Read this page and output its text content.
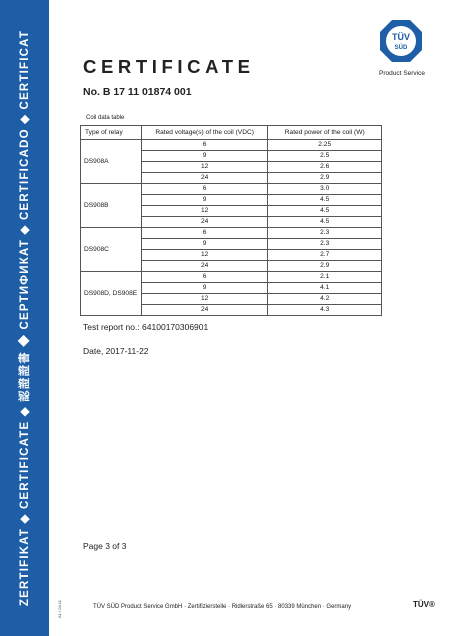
ZERTIFIKAT ◆ CERTIFICATE ◆ 認證證書 ◆ СЕРТИФИКАТ ◆ CERTIFICADO ◆ CERTIFICAT
A1 / 04.11
CERTIFICATE
No. B 17 11 01874 001
TÜV
SÜD
Product Service
Coil data table
Type of relay	Rated voltage(s) of the coil (VDC)	Rated power of the coil (W)
DS908A	6	2.25
	9	2.5
	12	2.6
	24	2.9
DS908B	6	3.0
	9	4.5
	12	4.5
	24	4.5
DS908C	6	2.3
	9	2.3
	12	2.7
	24	2.9
DS908D, DS908E	6	2.1
	9	4.1
	12	4.2
	24	4.3
Test report no.: 64100170306901
Date, 2017-11-22
Page 3 of 3
TÜV SÜD Product Service GmbH · Zertifizierstelle · Ridlerstraße 65 · 80339 München · Germany	TÜV®
